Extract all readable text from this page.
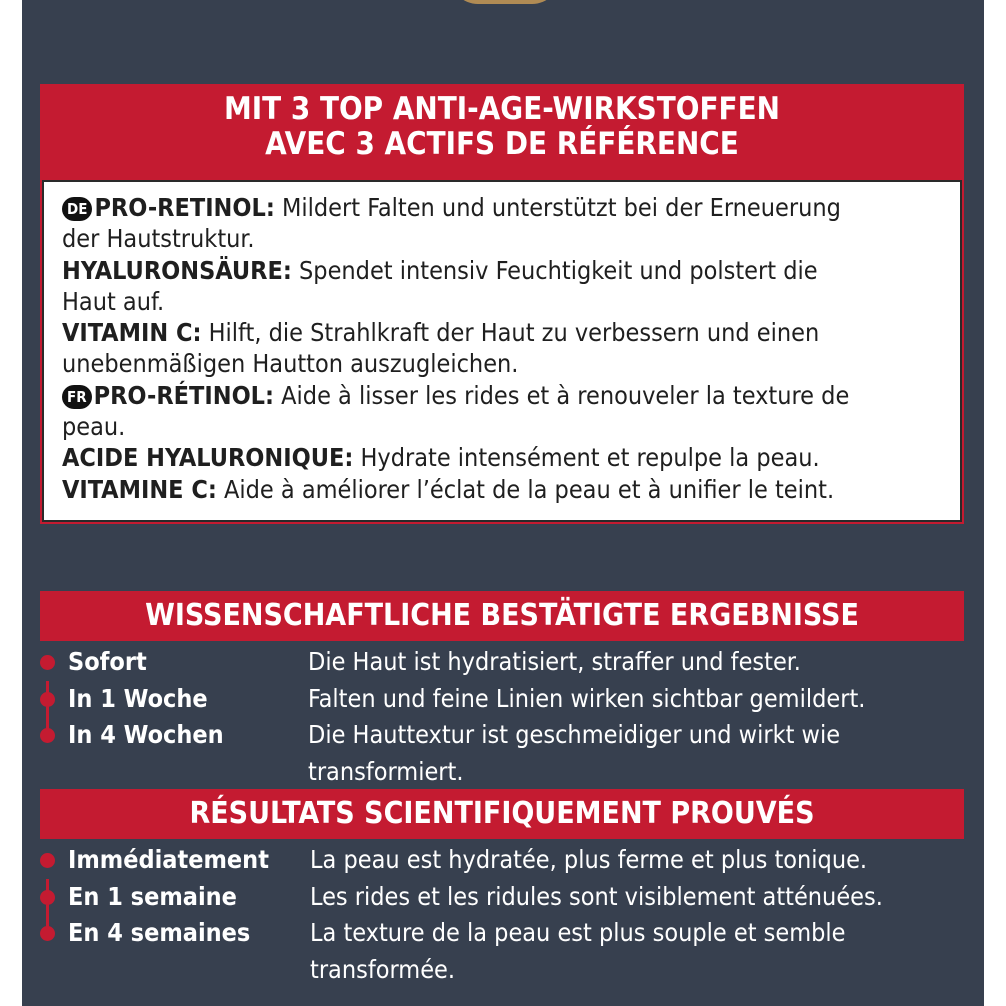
MIT 3 TOP ANTI-AGE-WIRKSTOFFEN
AVEC 3 ACTIFS DE RÉFÉRENCE
DE PRO-RETINOL: Mildert Falten und unterstützt bei der Erneuerung
der Hautstruktur.
HYALURONSÄURE: Spendet intensiv Feuchtigkeit und polstert die
Haut auf.
VITAMIN C: Hilft, die Strahlkraft der Haut zu verbessern und einen
unebenmäßigen Hautton auszugleichen.
FR PRO-RÉTINOL: Aide à lisser les rides et à renouveler la texture de
peau.
ACIDE HYALURONIQUE: Hydrate intensément et repulpe la peau.
VITAMINE C: Aide à améliorer l’éclat de la peau et à unifier le teint.
WISSENSCHAFTLICHE BESTÄTIGTE ERGEBNISSE
Sofort	Die Haut ist hydratisiert, straffer und fester.
In 1 Woche	Falten und feine Linien wirken sichtbar gemildert.
In 4 Wochen	Die Hauttextur ist geschmeidiger und wirkt wie
transformiert.
RÉSULTATS SCIENTIFIQUEMENT PROUVÉS
Immédiatement	La peau est hydratée, plus ferme et plus tonique.
En 1 semaine	Les rides et les ridules sont visiblement atténuées.
En 4 semaines	La texture de la peau est plus souple et semble
transformée.
